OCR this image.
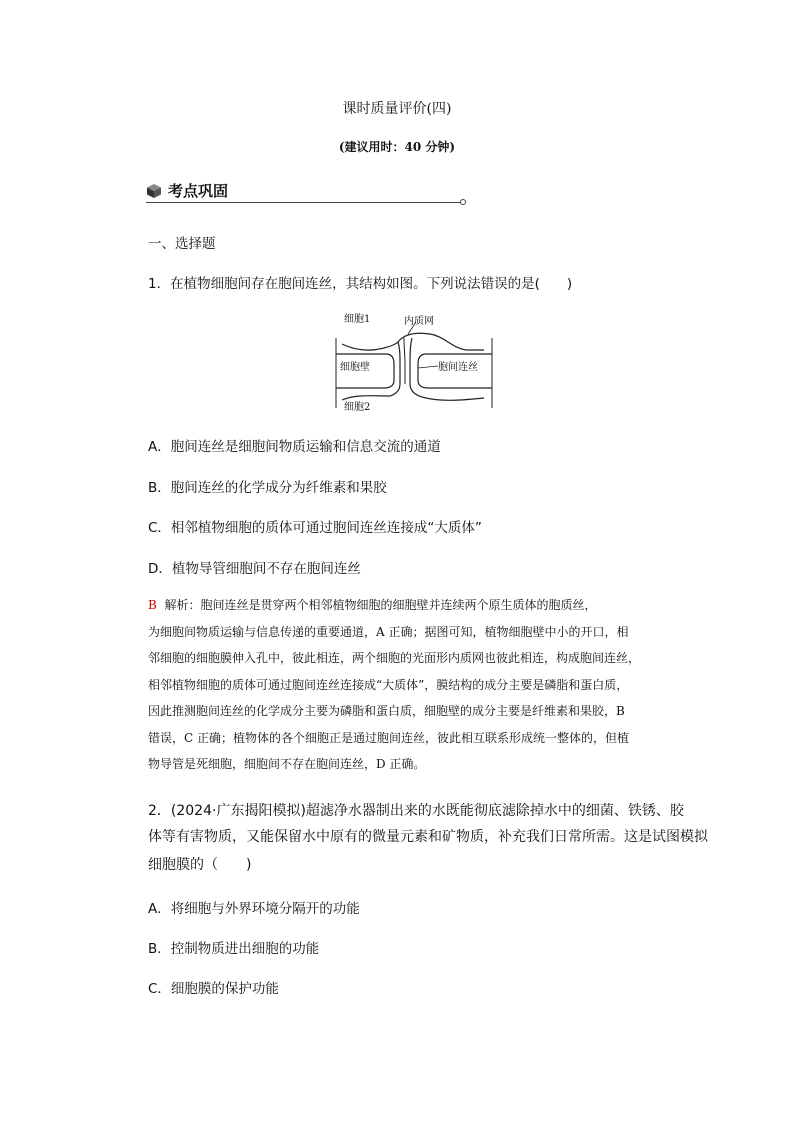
课时质量评价(四)
(建议用时：40 分钟)
考点巩固
一、选择题
1．在植物细胞间存在胞间连丝，其结构如图。下列说法错误的是(　　)
细胞1	内质网
细胞壁	胞间连丝
细胞2
A．胞间连丝是细胞间物质运输和信息交流的通道
B．胞间连丝的化学成分为纤维素和果胶
C．相邻植物细胞的质体可通过胞间连丝连接成“大质体”
D．植物导管细胞间不存在胞间连丝

B 解析：胞间连丝是贯穿两个相邻植物细胞的细胞壁并连续两个原生质体的胞质丝，

为细胞间物质运输与信息传递的重要通道，A 正确；据图可知，植物细胞壁中小的开口，相

邻细胞的细胞膜伸入孔中，彼此相连，两个细胞的光面形内质网也彼此相连，构成胞间连丝，

相邻植物细胞的质体可通过胞间连丝连接成“大质体”，膜结构的成分主要是磷脂和蛋白质，

因此推测胞间连丝的化学成分主要为磷脂和蛋白质，细胞壁的成分主要是纤维素和果胶，B

错误，C 正确；植物体的各个细胞正是通过胞间连丝，彼此相互联系形成统一整体的，但植

物导管是死细胞，细胞间不存在胞间连丝，D 正确。

2．(2024·广东揭阳模拟)超滤净水器制出来的水既能彻底滤除掉水中的细菌、铁锈、胶
体等有害物质，又能保留水中原有的微量元素和矿物质，补充我们日常所需。这是试图模拟
细胞膜的（　　)
A．将细胞与外界环境分隔开的功能
B．控制物质进出细胞的功能
C．细胞膜的保护功能
